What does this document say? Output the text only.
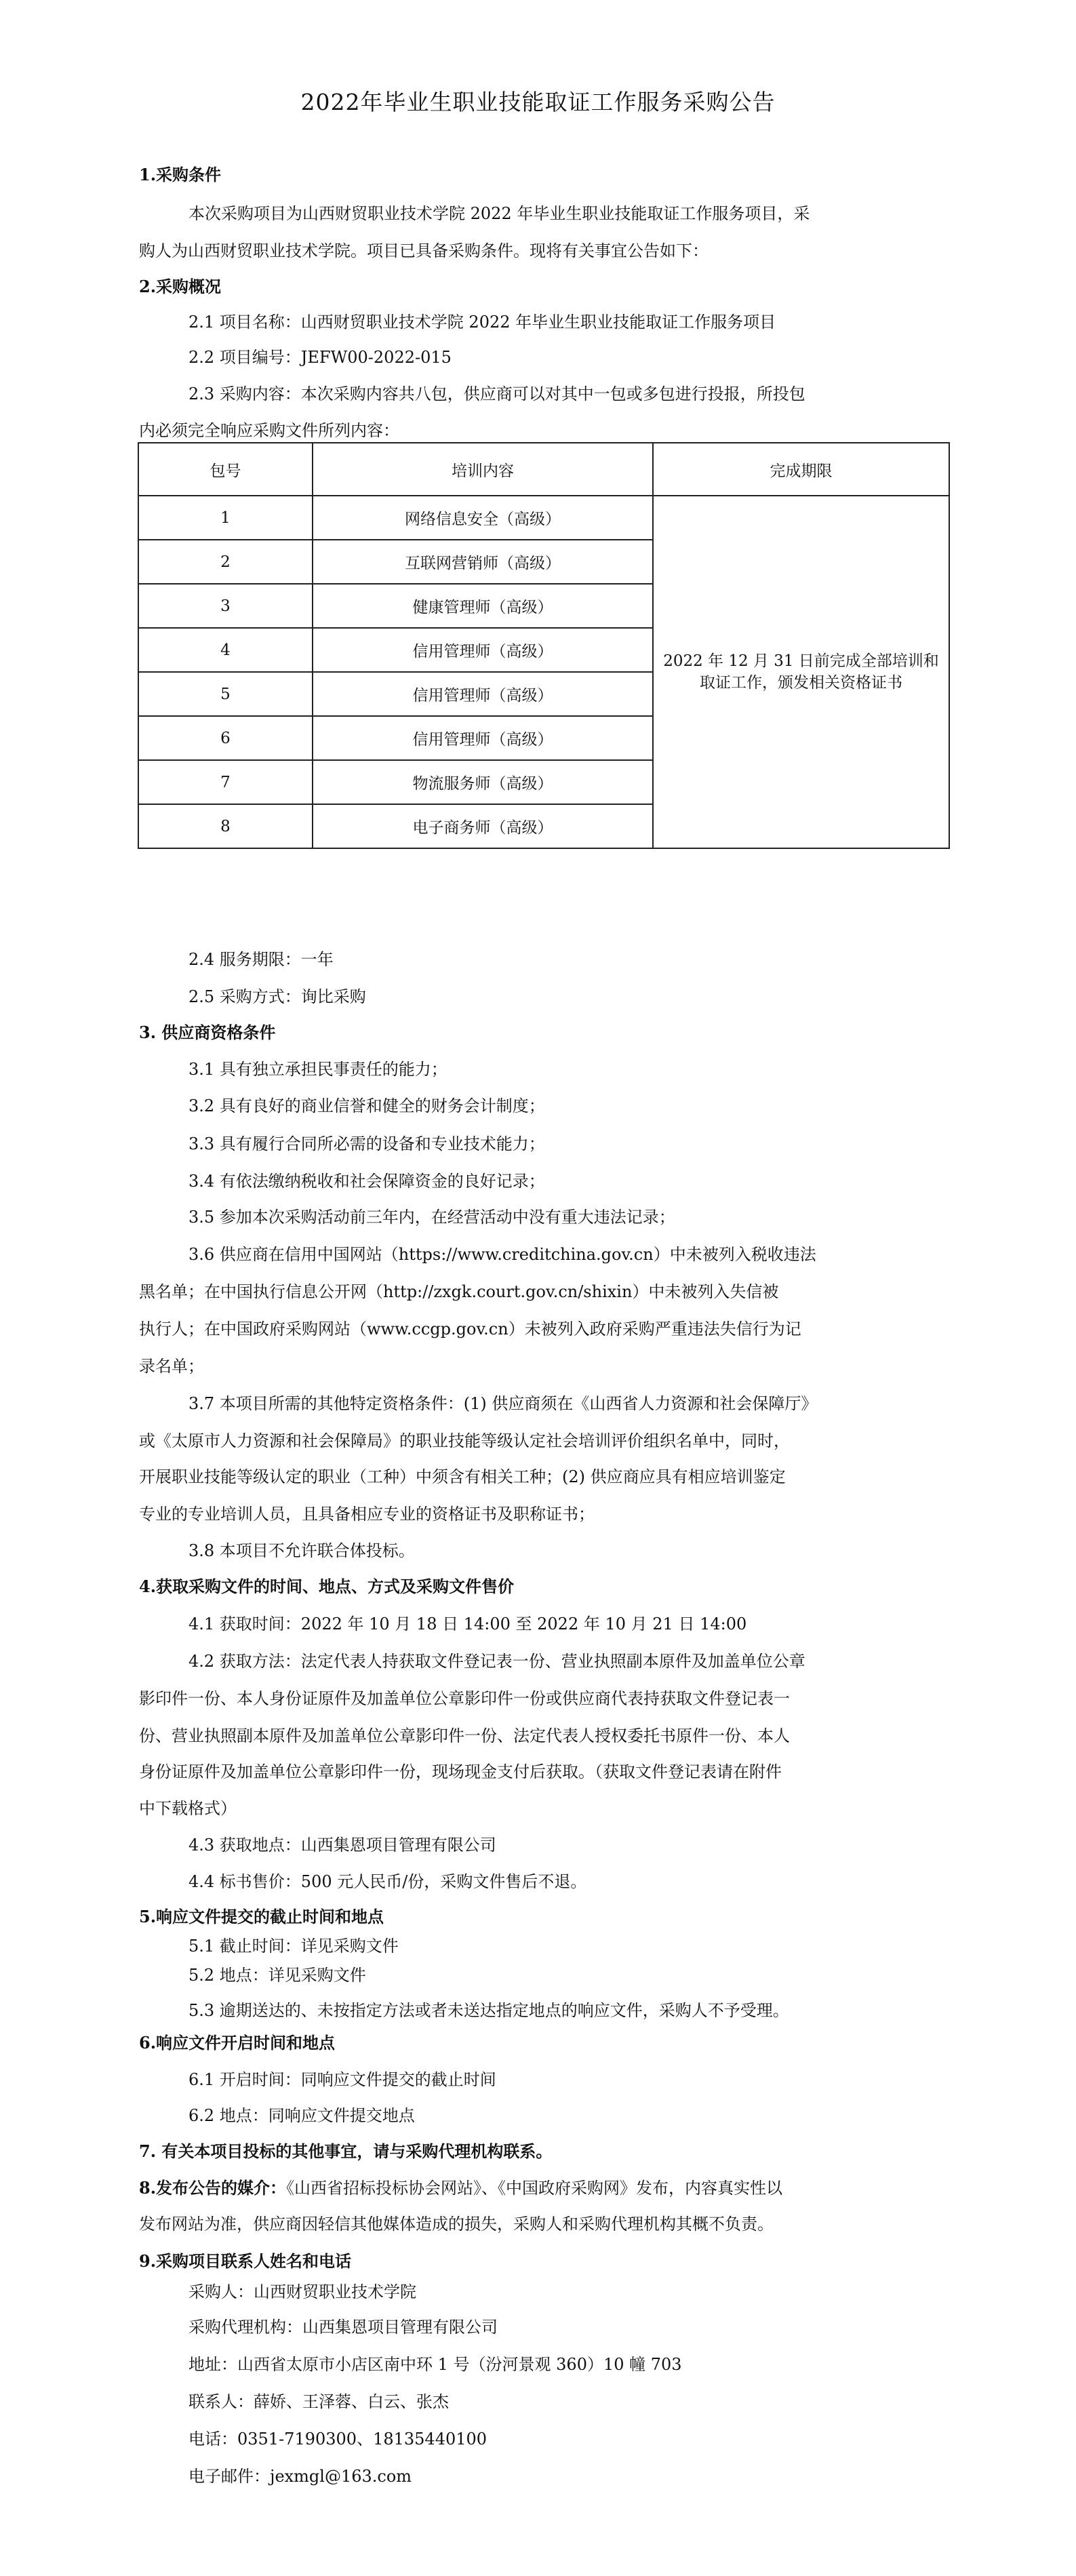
2022年毕业生职业技能取证工作服务采购公告
1.采购条件
本次采购项目为山西财贸职业技术学院 2022 年毕业生职业技能取证工作服务项目，采
购人为山西财贸职业技术学院。项目已具备采购条件。现将有关事宜公告如下：
2.采购概况
2.1 项目名称：山西财贸职业技术学院 2022 年毕业生职业技能取证工作服务项目
2.2 项目编号：JEFW00-2022-015
2.3 采购内容：本次采购内容共八包，供应商可以对其中一包或多包进行投报，所投包
内必须完全响应采购文件所列内容：
包号	培训内容	完成期限
1	网络信息安全（高级）	2022 年 12 月 31 日前完成全部培训和取证工作，颁发相关资格证书
2	互联网营销师（高级）	
3	健康管理师（高级）	
4	信用管理师（高级）	
5	信用管理师（高级）	
6	信用管理师（高级）	
7	物流服务师（高级）	
8	电子商务师（高级）	
2.4 服务期限：一年
2.5 采购方式：询比采购
3. 供应商资格条件
3.1 具有独立承担民事责任的能力；
3.2 具有良好的商业信誉和健全的财务会计制度；
3.3 具有履行合同所必需的设备和专业技术能力；
3.4 有依法缴纳税收和社会保障资金的良好记录；
3.5 参加本次采购活动前三年内，在经营活动中没有重大违法记录；
3.6 供应商在信用中国网站（https://www.creditchina.gov.cn）中未被列入税收违法
黑名单；在中国执行信息公开网（http://zxgk.court.gov.cn/shixin）中未被列入失信被
执行人；在中国政府采购网站（www.ccgp.gov.cn）未被列入政府采购严重违法失信行为记
录名单；
3.7 本项目所需的其他特定资格条件：(1) 供应商须在《山西省人力资源和社会保障厅》
或《太原市人力资源和社会保障局》的职业技能等级认定社会培训评价组织名单中，同时，
开展职业技能等级认定的职业（工种）中须含有相关工种；(2) 供应商应具有相应培训鉴定
专业的专业培训人员，且具备相应专业的资格证书及职称证书；
3.8 本项目不允许联合体投标。
4.获取采购文件的时间、地点、方式及采购文件售价
4.1 获取时间：2022 年 10 月 18 日 14:00 至 2022 年 10 月 21 日 14:00
4.2 获取方法：法定代表人持获取文件登记表一份、营业执照副本原件及加盖单位公章
影印件一份、本人身份证原件及加盖单位公章影印件一份或供应商代表持获取文件登记表一
份、营业执照副本原件及加盖单位公章影印件一份、法定代表人授权委托书原件一份、本人
身份证原件及加盖单位公章影印件一份，现场现金支付后获取。（获取文件登记表请在附件
中下载格式）
4.3 获取地点：山西集恩项目管理有限公司
4.4 标书售价：500 元人民币/份，采购文件售后不退。
5.响应文件提交的截止时间和地点
5.1 截止时间：详见采购文件
5.2 地点：详见采购文件
5.3 逾期送达的、未按指定方法或者未送达指定地点的响应文件，采购人不予受理。
6.响应文件开启时间和地点
6.1 开启时间：同响应文件提交的截止时间
6.2 地点：同响应文件提交地点
7. 有关本项目投标的其他事宜，请与采购代理机构联系。
8.发布公告的媒介：《山西省招标投标协会网站》、《中国政府采购网》发布，内容真实性以
发布网站为准，供应商因轻信其他媒体造成的损失，采购人和采购代理机构其概不负责。
9.采购项目联系人姓名和电话
采购人：山西财贸职业技术学院
采购代理机构：山西集恩项目管理有限公司
地址：山西省太原市小店区南中环 1 号（汾河景观 360）10 幢 703
联系人：薛娇、王泽蓉、白云、张杰
电话：0351-7190300、18135440100
电子邮件：jexmgl@163.com
